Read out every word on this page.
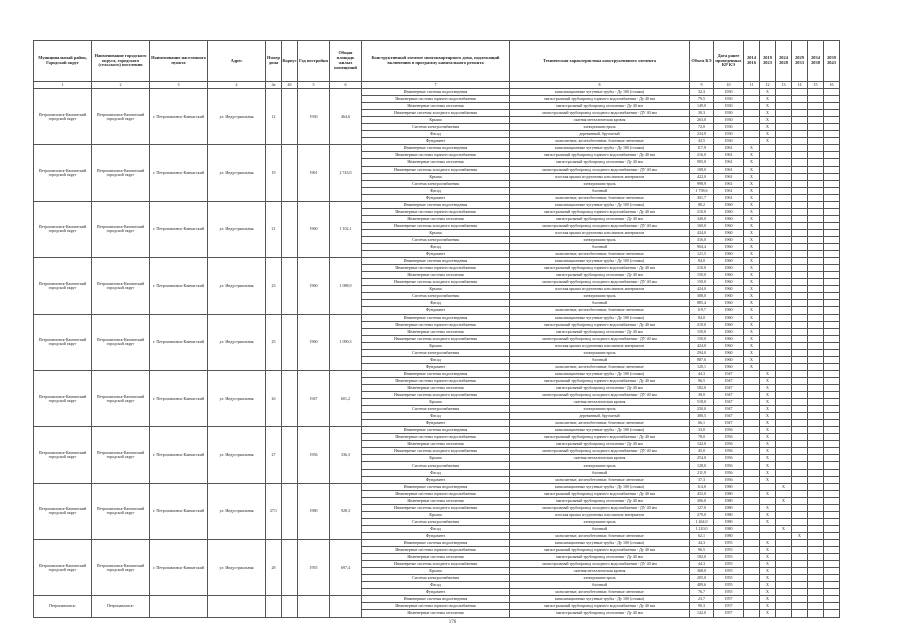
Муниципальный район, Городской округ	Наименование городского округа, городского (сельского) поселения	Наименование населенного пункта	Адрес	Номер дома	Корпус	Год постройки	Общая площадь жилых помещений	Конструктивный элемент многоквартирного дома, подлежащий включению в программу капитального ремонта	Техническая характеристика конструктивного элемента	Объем КЭ	Дата ранее проведенных КР КЭ	2014 2016	2019 2023	2024 2028	2029 2033	2034 2038	2039 2043
1	2	3	4	4а	4б	5	6	7	8	9	10	11	12	13	14	15	16
Петропавловск-Камчатский городской округ	Петропавловск-Камчатский городской округ	г. Петропавловск-Камчатский	ул. Индустриальная	12		1930	464,6	Инженерные системы водоотведения	канализационные чугунные трубы - Дy 100 (стояки)	32,3	1930		X				
								Инженерные системы горячего водоснабжения	магистральный трубопровод горячего водоснабжения - Дy 40 мм	79,5	1930		X				
								Инженерные системы отопления	магистральный трубопровод отопления - Дy 40 мм	149,0	1930		X				
								Инженерные системы холодного водоснабжения	магистральный трубопровод холодного водоснабжения - ДУ 40 мм	30,3	1930		X				
								Крыша	скатная металлическая кровля	263,0	1930		X				
								Система электроснабжения	электромагистраль	72,0	1930		X				
								Фасад	деревянный, брусчатый	234,9	1930		X				
								Фундамент	монолитные, железобетонные, бочечные ленточные	43,5	1930		X				
Петропавловск-Камчатский городской округ	Петропавловск-Камчатский городской округ	г. Петропавловск-Камчатский	ул. Индустриальная	19		1961	2 743,0	Инженерные системы водоотведения	канализационные чугунные трубы - Дy 100 (стояки)	117,9	1961	X					
								Инженерные системы горячего водоснабжения	магистральный трубопровод горячего водоснабжения - Дy 40 мм	216,0	1961	X					
								Инженерные системы отопления	магистральный трубопровод отопления - Дy 40 мм	905,0	1961	X					
								Инженерные системы холодного водоснабжения	магистральный трубопровод холодного водоснабжения - ДУ 40 мм	108,0	1961	X					
								Крыша	плоская крыша из рулонных или мягких материалов	422,0	1961	X					
								Система электроснабжения	электромагистраль	998,9	1961	X					
								Фасад	блочный	1 758,6	1961	X					
								Фундамент	монолитные, железобетонные, бочечные ленточные	301,7	1961	X					
Петропавловск-Камчатский городской округ	Петропавловск-Камчатский городской округ	г. Петропавловск-Камчатский	ул. Индустриальная	21		1960	1 102,1	Инженерные системы водоотведения	канализационные чугунные трубы - Дy 100 (стояки)	88,2	1960	X					
								Инженерные системы горячего водоснабжения	магистральный трубопровод горячего водоснабжения - Дy 40 мм	210,0	1960	X					
								Инженерные системы отопления	магистральный трубопровод отопления - Дy 40 мм	340,0	1960	X					
								Инженерные системы холодного водоснабжения	магистральный трубопровод холодного водоснабжения - ДУ 40 мм	160,0	1960	X					
								Крыша	плоская крыша из рулонных или мягких материалов	424,0	1960	X					
								Система электроснабжения	электромагистраль	316,0	1960	X					
								Фасад	блочный	904,4	1960	X					
								Фундамент	монолитные, железобетонные, бочечные ленточные	121,5	1960	X					
Петропавловск-Камчатский городской округ	Петропавловск-Камчатский городской округ	г. Петропавловск-Камчатский	ул. Индустриальная	23		1960	1 088,9	Инженерные системы водоотведения	канализационные чугунные трубы - Дy 100 (стояки)	84,0	1960	X					
								Инженерные системы горячего водоснабжения	магистральный трубопровод горячего водоснабжения - Дy 40 мм	210,0	1960	X					
								Инженерные системы отопления	магистральный трубопровод отопления - Дy 40 мм	150,0	1960	X					
								Инженерные системы холодного водоснабжения	магистральный трубопровод холодного водоснабжения - ДУ 40 мм	150,0	1960	X					
								Крыша	плоская крыша из рулонных или мягких материалов	424,0	1960	X					
								Система электроснабжения	электромагистраль	308,0	1960	X					
								Фасад	блочный	885,4	1960	X					
								Фундамент	монолитные, железобетонные, бочечные ленточные	119,7	1960	X					
Петропавловск-Камчатский городской округ	Петропавловск-Камчатский городской округ	г. Петропавловск-Камчатский	ул. Индустриальная	25		1960	1 090,3	Инженерные системы водоотведения	канализационные чугунные трубы - Дy 100 (стояки)	84,0	1960	X					
								Инженерные системы горячего водоснабжения	магистральный трубопровод горячего водоснабжения - Дy 40 мм	210,0	1960	X					
								Инженерные системы отопления	магистральный трубопровод отопления - Дy 40 мм	150,0	1960	X					
								Инженерные системы холодного водоснабжения	магистральный трубопровод холодного водоснабжения - ДУ 40 мм	150,0	1960	X					
								Крыша	плоская крыша из рулонных или мягких материалов	424,0	1960	X					
								Система электроснабжения	электромагистраль	294,0	1960	X					
								Фасад	блочный	887,6	1960	X					
								Фундамент	монолитные, железобетонные, бочечные ленточные	120,1	1960	X					
Петропавловск-Камчатский городской округ	Петропавловск-Камчатский городской округ	г. Петропавловск-Камчатский	ул. Индустриальная	26		1947	601,2	Инженерные системы водоотведения	канализационные чугунные трубы - Дy 100 (стояки)	44,3	1947		X				
								Инженерные системы горячего водоснабжения	магистральный трубопровод горячего водоснабжения - Дy 40 мм	96,5	1947		X				
								Инженерные системы отопления	магистральный трубопровод отопления - Дy 40 мм	182,0	1947		X				
								Инженерные системы холодного водоснабжения	магистральный трубопровод холодного водоснабжения - ДУ 40 мм	38,0	1947		X				
								Крыша	скатная металлическая кровля	518,0	1947		X				
								Система электроснабжения	электромагистраль	250,0	1947		X				
								Фасад	деревянный, брусчатый	380,5	1947		X				
								Фундамент	монолитные, железобетонные, бочечные ленточные	66,1	1947		X				
Петропавловск-Камчатский городской округ	Петропавловск-Камчатский городской округ	г. Петропавловск-Камчатский	ул. Индустриальная	27		1956	336,3	Инженерные системы водоотведения	канализационные чугунные трубы - Дy 100 (стояки)	33,0	1956		X				
								Инженерные системы горячего водоснабжения	магистральный трубопровод горячего водоснабжения - Дy 40 мм	78,0	1956		X				
								Инженерные системы отопления	магистральный трубопровод отопления - Дy 40 мм	142,0	1956		X				
								Инженерные системы холодного водоснабжения	магистральный трубопровод холодного водоснабжения - ДУ 40 мм	45,0	1956		X				
								Крыша	скатная металлическая кровля	254,0	1956		X				
								Система электроснабжения	электромагистраль	128,0	1956		X				
								Фасад	блочный	211,9	1956		X				
								Фундамент	монолитные, железобетонные, бочечные ленточные	37,3	1956		X				
Петропавловск-Камчатский городской округ	Петропавловск-Камчатский городской округ	г. Петропавловск-Камчатский	ул. Индустриальная	27/1		1980	928,3	Инженерные системы водоотведения	канализационные чугунные трубы - Дy 100 (стояки)	114,0	1980			X			
								Инженерные системы горячего водоснабжения	магистральный трубопровод горячего водоснабжения - Дy 40 мм	452,0	1980		X				
								Инженерные системы отопления	магистральный трубопровод отопления - Дy 40 мм	306,0	1980			X			
								Инженерные системы холодного водоснабжения	магистральный трубопровод холодного водоснабжения - ДУ 40 мм	127,0	1980		X				
								Крыша	плоская крыша из рулонных или мягких материалов	279,0	1980		X				
								Система электроснабжения	электромагистраль	1 464,0	1980		X				
								Фасад	блочный	1 210,0	1980			X			
								Фундамент	монолитные, железобетонные, бочечные ленточные	62,1	1980				X		
Петропавловск-Камчатский городской округ	Петропавловск-Камчатский городской округ	г. Петропавловск-Камчатский	ул. Индустриальная	28		1955	697,4	Инженерные системы водоотведения	канализационные чугунные трубы - Дy 100 (стояки)	44,3	1955		X				
								Инженерные системы горячего водоснабжения	магистральный трубопровод горячего водоснабжения - Дy 40 мм	96,5	1955		X				
								Инженерные системы отопления	магистральный трубопровод отопления - Дy 40 мм	182,0	1955		X				
								Инженерные системы холодного водоснабжения	магистральный трубопровод холодного водоснабжения - ДУ 40 мм	44,3	1955		X				
								Крыша	скатная металлическая кровля	368,0	1955		X				
								Система электроснабжения	электромагистраль	205,0	1955		X				
								Фасад	блочный	489,6	1955		X				
								Фундамент	монолитные, железобетонные, бочечные ленточные	76,7	1955		X				
Петропавловск-	Петропавловск-							Инженерные системы водоотведения	канализационные чугунные трубы - Дy 100 (стояки)	23,7	1957		X				
								Инженерные системы горячего водоснабжения	магистральный трубопровод горячего водоснабжения - Дy 40 мм	90,3	1957		X				
								Инженерные системы отопления	магистральный трубопровод отопления - Дy 40 мм	142,0	1957		X				
176
